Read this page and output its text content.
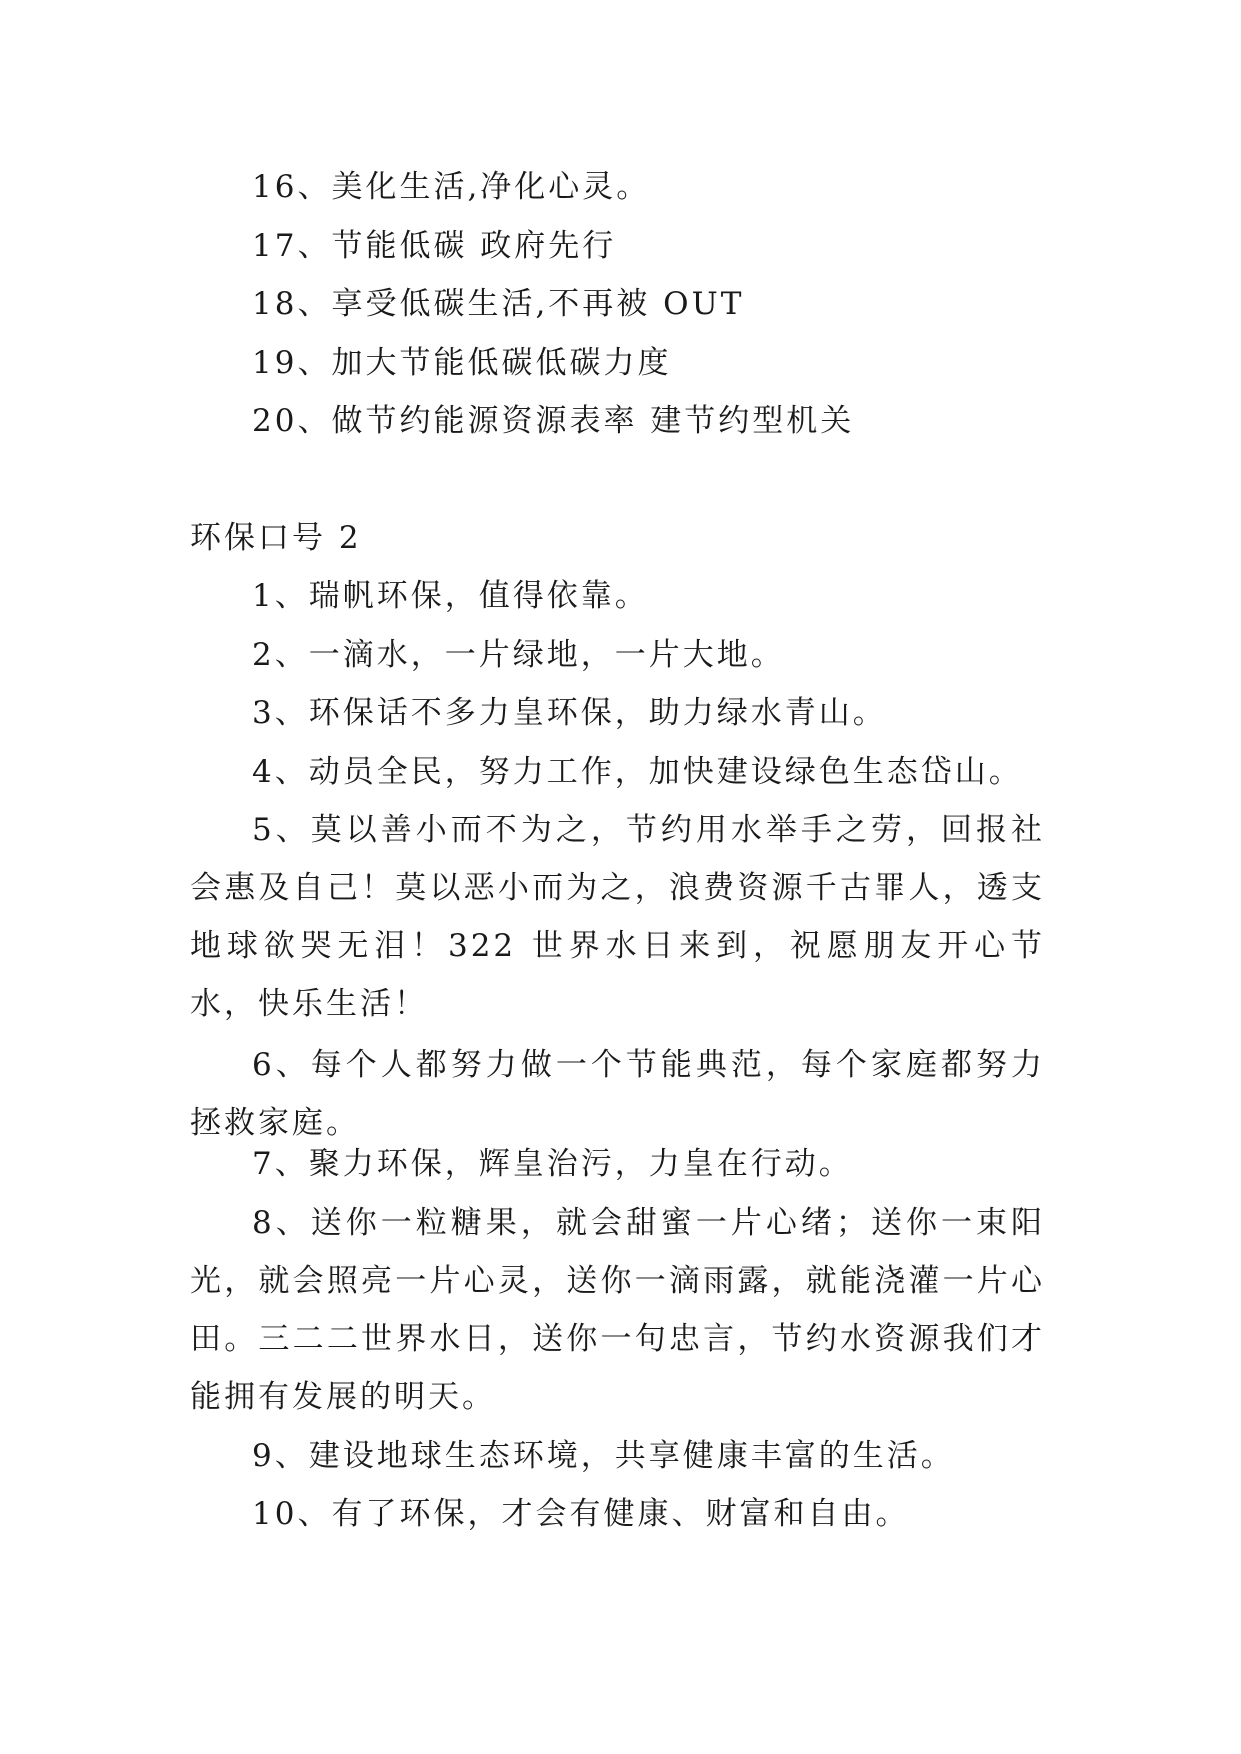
16、美化生活,净化心灵。
17、节能低碳 政府先行
18、享受低碳生活,不再被 OUT
19、加大节能低碳低碳力度
20、做节约能源资源表率 建节约型机关
环保口号 2
1、瑞帆环保，值得依靠。
2、一滴水，一片绿地，一片大地。
3、环保话不多力皇环保，助力绿水青山。
4、动员全民，努力工作，加快建设绿色生态岱山。
5、莫以善小而不为之，节约用水举手之劳，回报社会惠及自己！莫以恶小而为之，浪费资源千古罪人，透支地球欲哭无泪！322 世界水日来到，祝愿朋友开心节水，快乐生活！
6、每个人都努力做一个节能典范，每个家庭都努力拯救家庭。
7、聚力环保，辉皇治污，力皇在行动。
8、送你一粒糖果，就会甜蜜一片心绪；送你一束阳光，就会照亮一片心灵，送你一滴雨露，就能浇灌一片心田。三二二世界水日，送你一句忠言，节约水资源我们才能拥有发展的明天。
9、建设地球生态环境，共享健康丰富的生活。
10、有了环保，才会有健康、财富和自由。
